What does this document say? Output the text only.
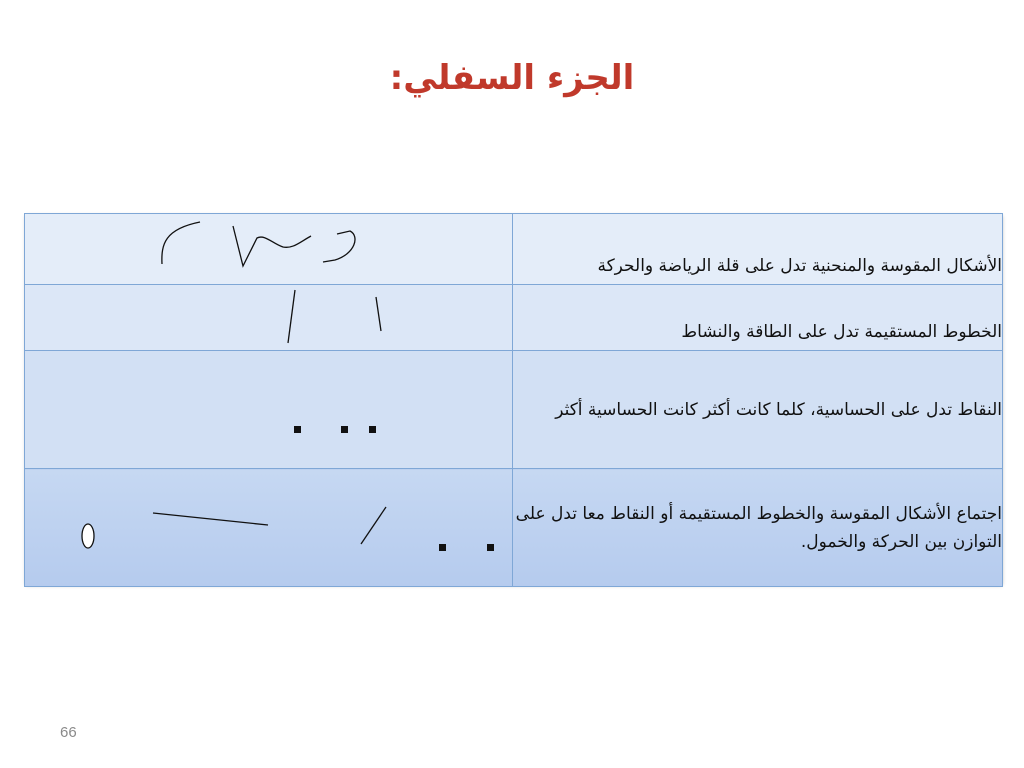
الجزء السفلي:
	الأشكال المقوسة والمنحنية تدل على قلة الرياضة والحركة

	الخطوط المستقيمة تدل على الطاقة والنشاط

	النقاط تدل على الحساسية، كلما كانت أكثر كانت الحساسية أكثر

	اجتماع الأشكال المقوسة والخطوط المستقيمة أو النقاط معا تدل على التوازن بين الحركة والخمول.
66
